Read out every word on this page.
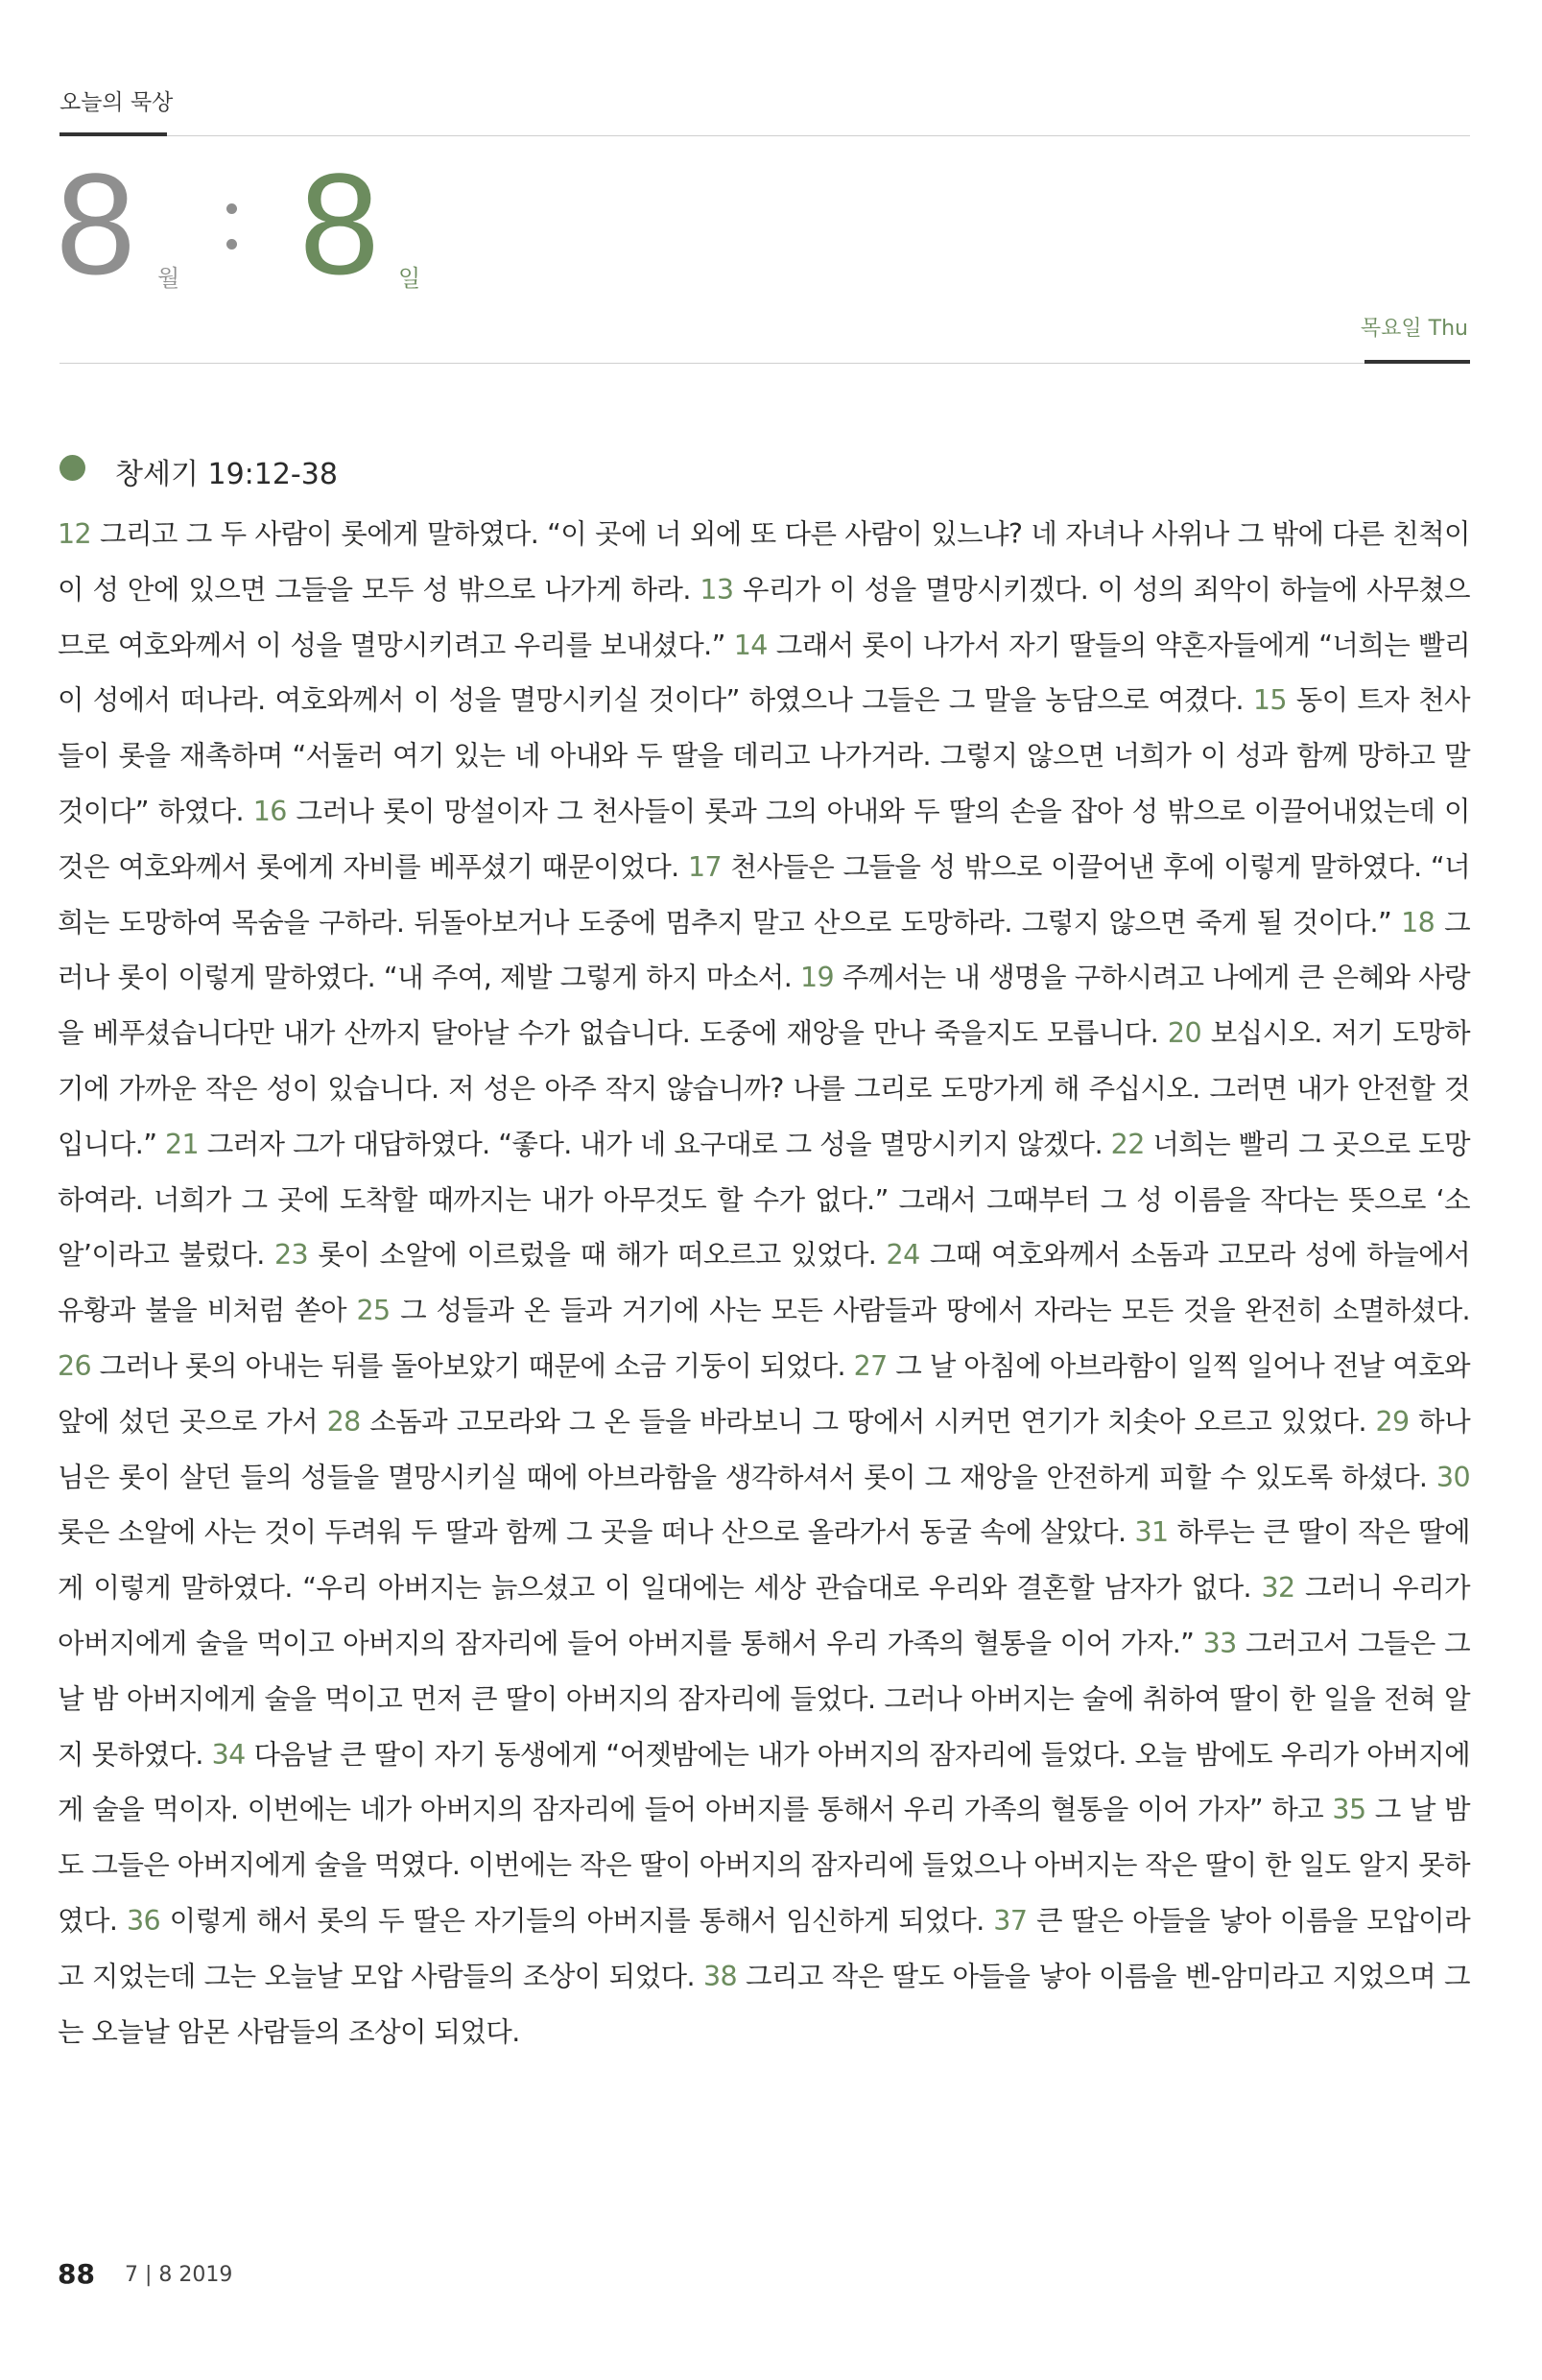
오늘의 묵상
8 월 8 일
목요일 Thu
창세기 19:12-38
12 그리고 그 두 사람이 롯에게 말하였다. “이 곳에 너 외에 또 다른 사람이 있느냐? 네 자녀나 사위나 그 밖에 다른 친척이 이 성 안에 있으면 그들을 모두 성 밖으로 나가게 하라. 13 우리가 이 성을 멸망시키겠다. 이 성의 죄악이 하늘에 사무쳤으므로 여호와께서 이 성을 멸망시키려고 우리를 보내셨다.” 14 그래서 롯이 나가서 자기 딸들의 약혼자들에게 “너희는 빨리 이 성에서 떠나라. 여호와께서 이 성을 멸망시키실 것이다” 하였으나 그들은 그 말을 농담으로 여겼다. 15 동이 트자 천사들이 롯을 재촉하며 “서둘러 여기 있는 네 아내와 두 딸을 데리고 나가거라. 그렇지 않으면 너희가 이 성과 함께 망하고 말 것이다” 하였다. 16 그러나 롯이 망설이자 그 천사들이 롯과 그의 아내와 두 딸의 손을 잡아 성 밖으로 이끌어내었는데 이것은 여호와께서 롯에게 자비를 베푸셨기 때문이었다. 17 천사들은 그들을 성 밖으로 이끌어낸 후에 이렇게 말하였다. “너희는 도망하여 목숨을 구하라. 뒤돌아보거나 도중에 멈추지 말고 산으로 도망하라. 그렇지 않으면 죽게 될 것이다.” 18 그러나 롯이 이렇게 말하였다. “내 주여, 제발 그렇게 하지 마소서. 19 주께서는 내 생명을 구하시려고 나에게 큰 은혜와 사랑을 베푸셨습니다만 내가 산까지 달아날 수가 없습니다. 도중에 재앙을 만나 죽을지도 모릅니다. 20 보십시오. 저기 도망하기에 가까운 작은 성이 있습니다. 저 성은 아주 작지 않습니까? 나를 그리로 도망가게 해 주십시오. 그러면 내가 안전할 것입니다.” 21 그러자 그가 대답하였다. “좋다. 내가 네 요구대로 그 성을 멸망시키지 않겠다. 22 너희는 빨리 그 곳으로 도망하여라. 너희가 그 곳에 도착할 때까지는 내가 아무것도 할 수가 없다.” 그래서 그때부터 그 성 이름을 작다는 뜻으로 ‘소알’이라고 불렀다. 23 롯이 소알에 이르렀을 때 해가 떠오르고 있었다. 24 그때 여호와께서 소돔과 고모라 성에 하늘에서 유황과 불을 비처럼 쏟아 25 그 성들과 온 들과 거기에 사는 모든 사람들과 땅에서 자라는 모든 것을 완전히 소멸하셨다. 26 그러나 롯의 아내는 뒤를 돌아보았기 때문에 소금 기둥이 되었다. 27 그 날 아침에 아브라함이 일찍 일어나 전날 여호와 앞에 섰던 곳으로 가서 28 소돔과 고모라와 그 온 들을 바라보니 그 땅에서 시커먼 연기가 치솟아 오르고 있었다. 29 하나님은 롯이 살던 들의 성들을 멸망시키실 때에 아브라함을 생각하셔서 롯이 그 재앙을 안전하게 피할 수 있도록 하셨다. 30 롯은 소알에 사는 것이 두려워 두 딸과 함께 그 곳을 떠나 산으로 올라가서 동굴 속에 살았다. 31 하루는 큰 딸이 작은 딸에게 이렇게 말하였다. “우리 아버지는 늙으셨고 이 일대에는 세상 관습대로 우리와 결혼할 남자가 없다. 32 그러니 우리가 아버지에게 술을 먹이고 아버지의 잠자리에 들어 아버지를 통해서 우리 가족의 혈통을 이어 가자.” 33 그러고서 그들은 그 날 밤 아버지에게 술을 먹이고 먼저 큰 딸이 아버지의 잠자리에 들었다. 그러나 아버지는 술에 취하여 딸이 한 일을 전혀 알지 못하였다. 34 다음날 큰 딸이 자기 동생에게 “어젯밤에는 내가 아버지의 잠자리에 들었다. 오늘 밤에도 우리가 아버지에게 술을 먹이자. 이번에는 네가 아버지의 잠자리에 들어 아버지를 통해서 우리 가족의 혈통을 이어 가자” 하고 35 그 날 밤도 그들은 아버지에게 술을 먹였다. 이번에는 작은 딸이 아버지의 잠자리에 들었으나 아버지는 작은 딸이 한 일도 알지 못하였다. 36 이렇게 해서 롯의 두 딸은 자기들의 아버지를 통해서 임신하게 되었다. 37 큰 딸은 아들을 낳아 이름을 모압이라고 지었는데 그는 오늘날 모압 사람들의 조상이 되었다. 38 그리고 작은 딸도 아들을 낳아 이름을 벤-암미라고 지었으며 그는 오늘날 암몬 사람들의 조상이 되었다.
88 7 | 8 2019
